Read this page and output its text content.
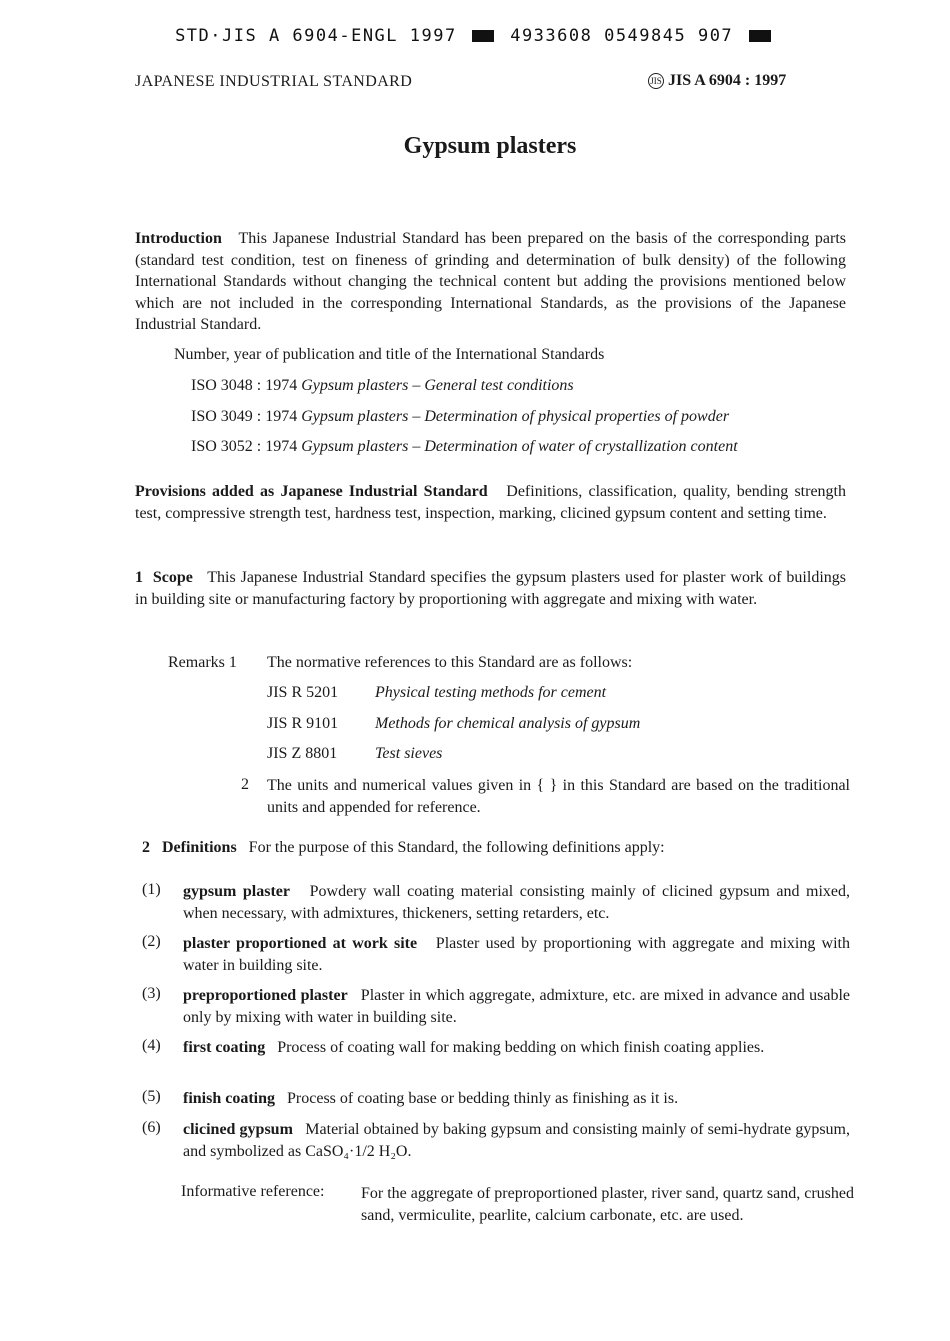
STD·JIS A 6904-ENGL 1997	4933608 0549845 907
JAPANESE INDUSTRIAL STANDARD	JIS JIS A 6904 : 1997
Gypsum plasters
Introduction This Japanese Industrial Standard has been prepared on the basis of the corresponding parts (standard test condition, test on fineness of grinding and determination of bulk density) of the following International Standards without changing the technical content but adding the provisions mentioned below which are not included in the corresponding International Standards, as the provisions of the Japanese Industrial Standard.
Number, year of publication and title of the International Standards
ISO 3048 : 1974 Gypsum plasters – General test conditions
ISO 3049 : 1974 Gypsum plasters – Determination of physical properties of powder
ISO 3052 : 1974 Gypsum plasters – Determination of water of crystallization content
Provisions added as Japanese Industrial Standard Definitions, classification, quality, bending strength test, compressive strength test, hardness test, inspection, marking, clicined gypsum content and setting time.
1 Scope This Japanese Industrial Standard specifies the gypsum plasters used for plaster work of buildings in building site or manufacturing factory by proportioning with aggregate and mixing with water.
Remarks 1 The normative references to this Standard are as follows:
JIS R 5201 Physical testing methods for cement
JIS R 9101 Methods for chemical analysis of gypsum
JIS Z 8801 Test sieves
2 The units and numerical values given in { } in this Standard are based on the traditional units and appended for reference.
2 Definitions For the purpose of this Standard, the following definitions apply:
(1) gypsum plaster Powdery wall coating material consisting mainly of clicined gypsum and mixed, when necessary, with admixtures, thickeners, setting retarders, etc.
(2) plaster proportioned at work site Plaster used by proportioning with aggregate and mixing with water in building site.
(3) preproportioned plaster Plaster in which aggregate, admixture, etc. are mixed in advance and usable only by mixing with water in building site.
(4) first coating Process of coating wall for making bedding on which finish coating applies.
(5) finish coating Process of coating base or bedding thinly as finishing as it is.
(6) clicined gypsum Material obtained by baking gypsum and consisting mainly of semi-hydrate gypsum, and symbolized as CaSO₄·1/2 H₂O.
Informative reference: For the aggregate of preproportioned plaster, river sand, quartz sand, crushed sand, vermiculite, pearlite, calcium carbonate, etc. are used.
